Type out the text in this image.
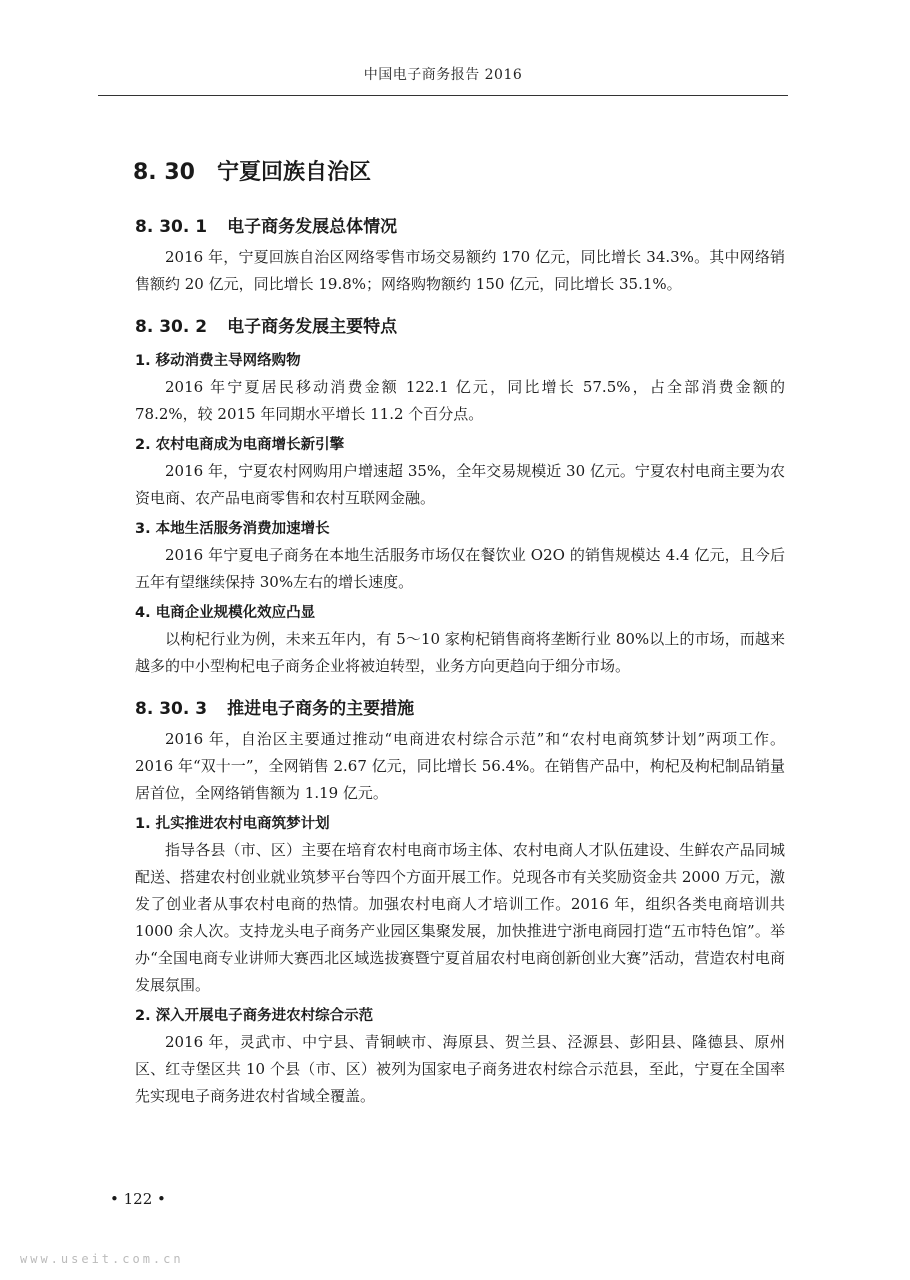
中国电子商务报告 2016
8. 30 宁夏回族自治区
8. 30. 1 电子商务发展总体情况

2016 年，宁夏回族自治区网络零售市场交易额约 170 亿元，同比增长 34.3%。其中网络销售额约 20 亿元，同比增长 19.8%；网络购物额约 150 亿元，同比增长 35.1%。

8. 30. 2 电子商务发展主要特点
1. 移动消费主导网络购物

2016 年宁夏居民移动消费金额 122.1 亿元，同比增长 57.5%，占全部消费金额的 78.2%，较 2015 年同期水平增长 11.2 个百分点。

2. 农村电商成为电商增长新引擎

2016 年，宁夏农村网购用户增速超 35%，全年交易规模近 30 亿元。宁夏农村电商主要为农资电商、农产品电商零售和农村互联网金融。

3. 本地生活服务消费加速增长

2016 年宁夏电子商务在本地生活服务市场仅在餐饮业 O2O 的销售规模达 4.4 亿元，且今后五年有望继续保持 30%左右的增长速度。

4. 电商企业规模化效应凸显

以枸杞行业为例，未来五年内，有 5～10 家枸杞销售商将垄断行业 80%以上的市场，而越来越多的中小型枸杞电子商务企业将被迫转型，业务方向更趋向于细分市场。

8. 30. 3 推进电子商务的主要措施

2016 年，自治区主要通过推动“电商进农村综合示范”和“农村电商筑梦计划”两项工作。2016 年“双十一”，全网销售 2.67 亿元，同比增长 56.4%。在销售产品中，枸杞及枸杞制品销量居首位，全网络销售额为 1.19 亿元。

1. 扎实推进农村电商筑梦计划

指导各县（市、区）主要在培育农村电商市场主体、农村电商人才队伍建设、生鲜农产品同城配送、搭建农村创业就业筑梦平台等四个方面开展工作。兑现各市有关奖励资金共 2000 万元，激发了创业者从事农村电商的热情。加强农村电商人才培训工作。2016 年，组织各类电商培训共 1000 余人次。支持龙头电子商务产业园区集聚发展，加快推进宁浙电商园打造“五市特色馆”。举办“全国电商专业讲师大赛西北区域选拔赛暨宁夏首届农村电商创新创业大赛”活动，营造农村电商发展氛围。

2. 深入开展电子商务进农村综合示范

2016 年，灵武市、中宁县、青铜峡市、海原县、贺兰县、泾源县、彭阳县、隆德县、原州区、红寺堡区共 10 个县（市、区）被列为国家电子商务进农村综合示范县，至此，宁夏在全国率先实现电子商务进农村省域全覆盖。

• 122 •
www.useit.com.cn
